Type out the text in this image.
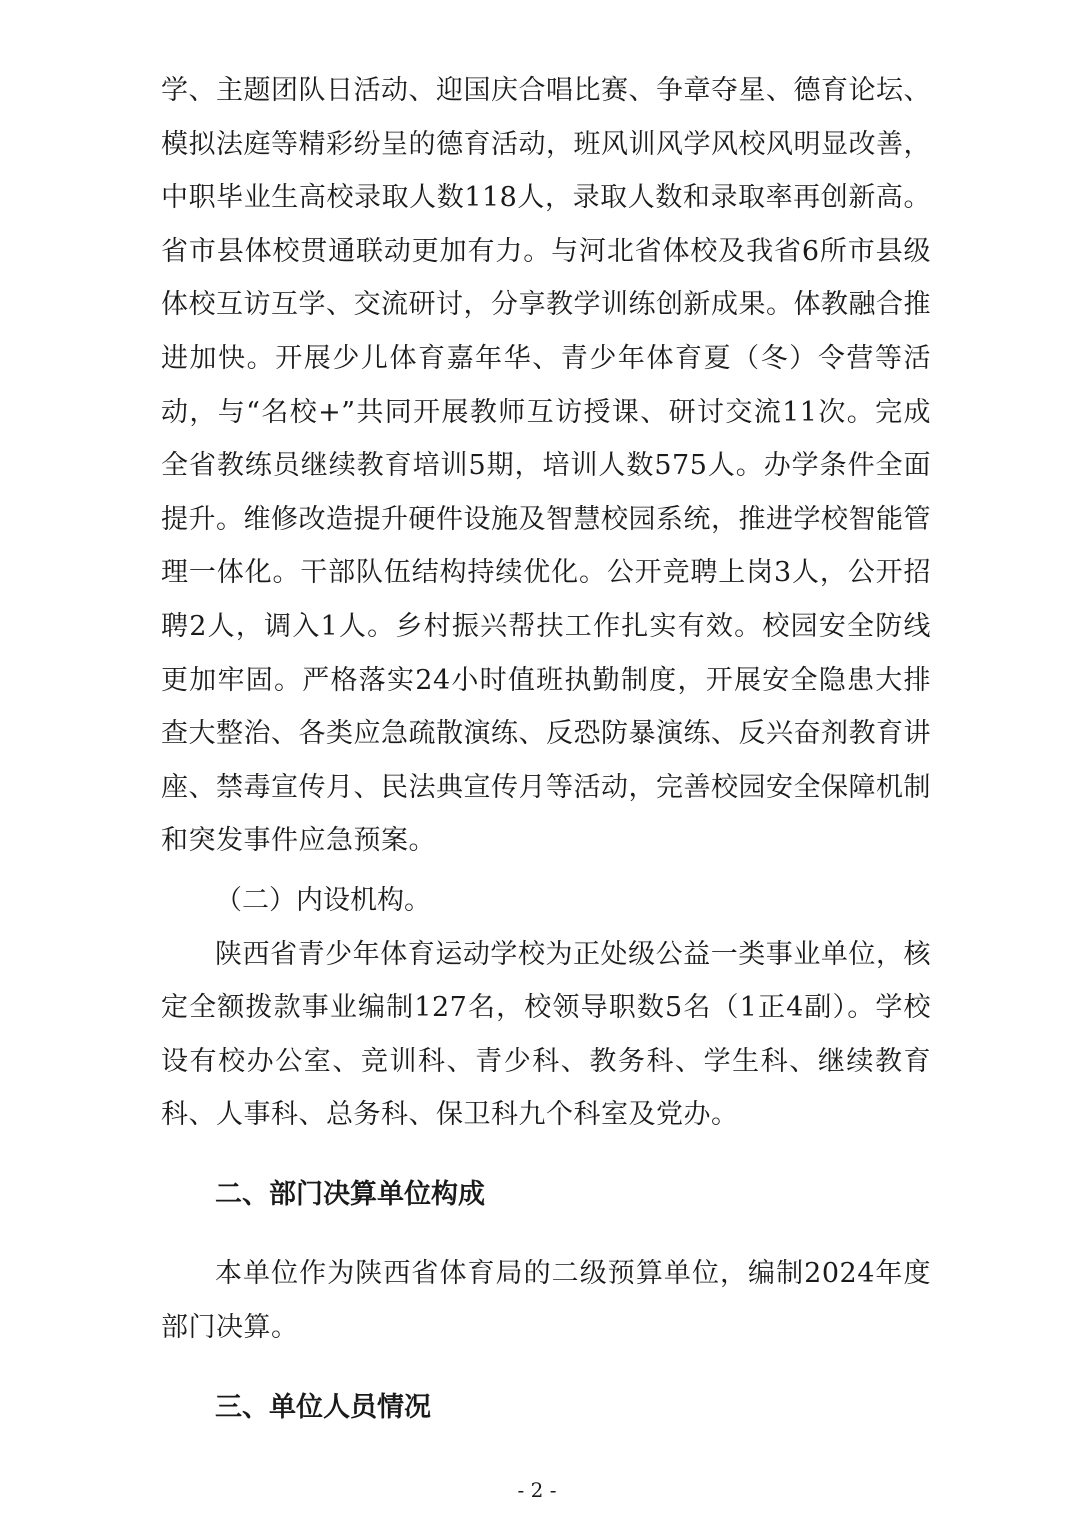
学、主题团队日活动、迎国庆合唱比赛、争章夺星、德育论坛、模拟法庭等精彩纷呈的德育活动，班风训风学风校风明显改善，中职毕业生高校录取人数118人，录取人数和录取率再创新高。省市县体校贯通联动更加有力。与河北省体校及我省6所市县级体校互访互学、交流研讨，分享教学训练创新成果。体教融合推进加快。开展少儿体育嘉年华、青少年体育夏（冬）令营等活动，与“名校+”共同开展教师互访授课、研讨交流11次。完成全省教练员继续教育培训5期，培训人数575人。办学条件全面提升。维修改造提升硬件设施及智慧校园系统，推进学校智能管理一体化。干部队伍结构持续优化。公开竞聘上岗3人，公开招聘2人，调入1人。乡村振兴帮扶工作扎实有效。校园安全防线更加牢固。严格落实24小时值班执勤制度，开展安全隐患大排查大整治、各类应急疏散演练、反恐防暴演练、反兴奋剂教育讲座、禁毒宣传月、民法典宣传月等活动，完善校园安全保障机制和突发事件应急预案。

（二）内设机构。

陕西省青少年体育运动学校为正处级公益一类事业单位，核定全额拨款事业编制127名，校领导职数5名（1正4副）。学校设有校办公室、竞训科、青少科、教务科、学生科、继续教育科、人事科、总务科、保卫科九个科室及党办。

二、部门决算单位构成

本单位作为陕西省体育局的二级预算单位，编制2024年度部门决算。

三、单位人员情况
- 2 -
